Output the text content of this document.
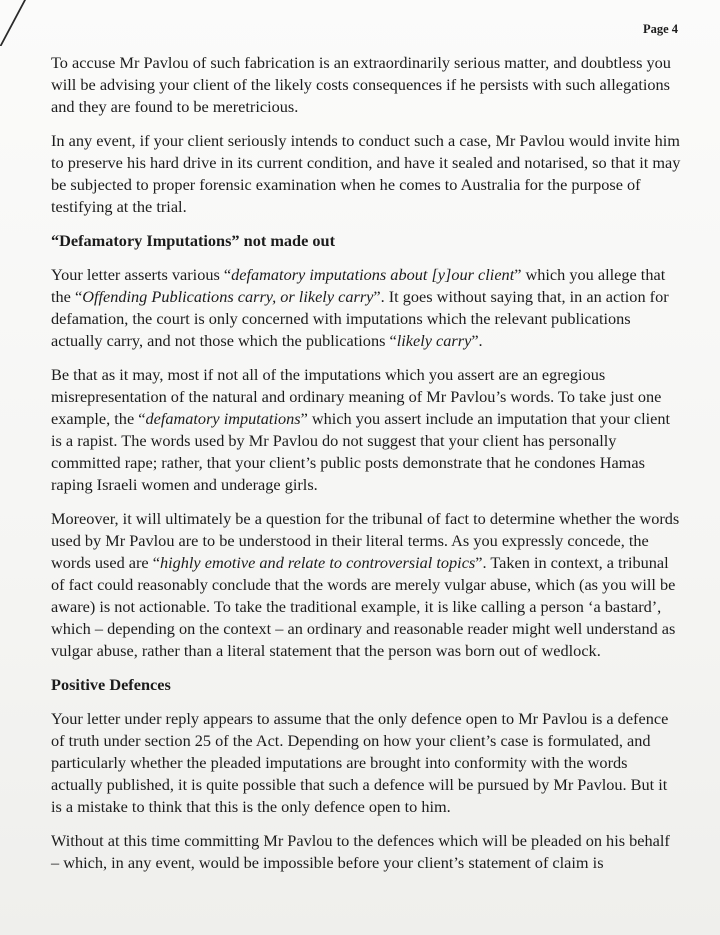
Page 4

To accuse Mr Pavlou of such fabrication is an extraordinarily serious matter, and doubtless you will be advising your client of the likely costs consequences if he persists with such allegations and they are found to be meretricious.

In any event, if your client seriously intends to conduct such a case, Mr Pavlou would invite him to preserve his hard drive in its current condition, and have it sealed and notarised, so that it may be subjected to proper forensic examination when he comes to Australia for the purpose of testifying at the trial.

“Defamatory Imputations” not made out

Your letter asserts various “defamatory imputations about [y]our client” which you allege that the “Offending Publications carry, or likely carry”. It goes without saying that, in an action for defamation, the court is only concerned with imputations which the relevant publications actually carry, and not those which the publications “likely carry”.

Be that as it may, most if not all of the imputations which you assert are an egregious misrepresentation of the natural and ordinary meaning of Mr Pavlou’s words. To take just one example, the “defamatory imputations” which you assert include an imputation that your client is a rapist. The words used by Mr Pavlou do not suggest that your client has personally committed rape; rather, that your client’s public posts demonstrate that he condones Hamas raping Israeli women and underage girls.

Moreover, it will ultimately be a question for the tribunal of fact to determine whether the words used by Mr Pavlou are to be understood in their literal terms. As you expressly concede, the words used are “highly emotive and relate to controversial topics”. Taken in context, a tribunal of fact could reasonably conclude that the words are merely vulgar abuse, which (as you will be aware) is not actionable. To take the traditional example, it is like calling a person ‘a bastard’, which – depending on the context – an ordinary and reasonable reader might well understand as vulgar abuse, rather than a literal statement that the person was born out of wedlock.

Positive Defences

Your letter under reply appears to assume that the only defence open to Mr Pavlou is a defence of truth under section 25 of the Act. Depending on how your client’s case is formulated, and particularly whether the pleaded imputations are brought into conformity with the words actually published, it is quite possible that such a defence will be pursued by Mr Pavlou. But it is a mistake to think that this is the only defence open to him.

Without at this time committing Mr Pavlou to the defences which will be pleaded on his behalf – which, in any event, would be impossible before your client’s statement of claim is
